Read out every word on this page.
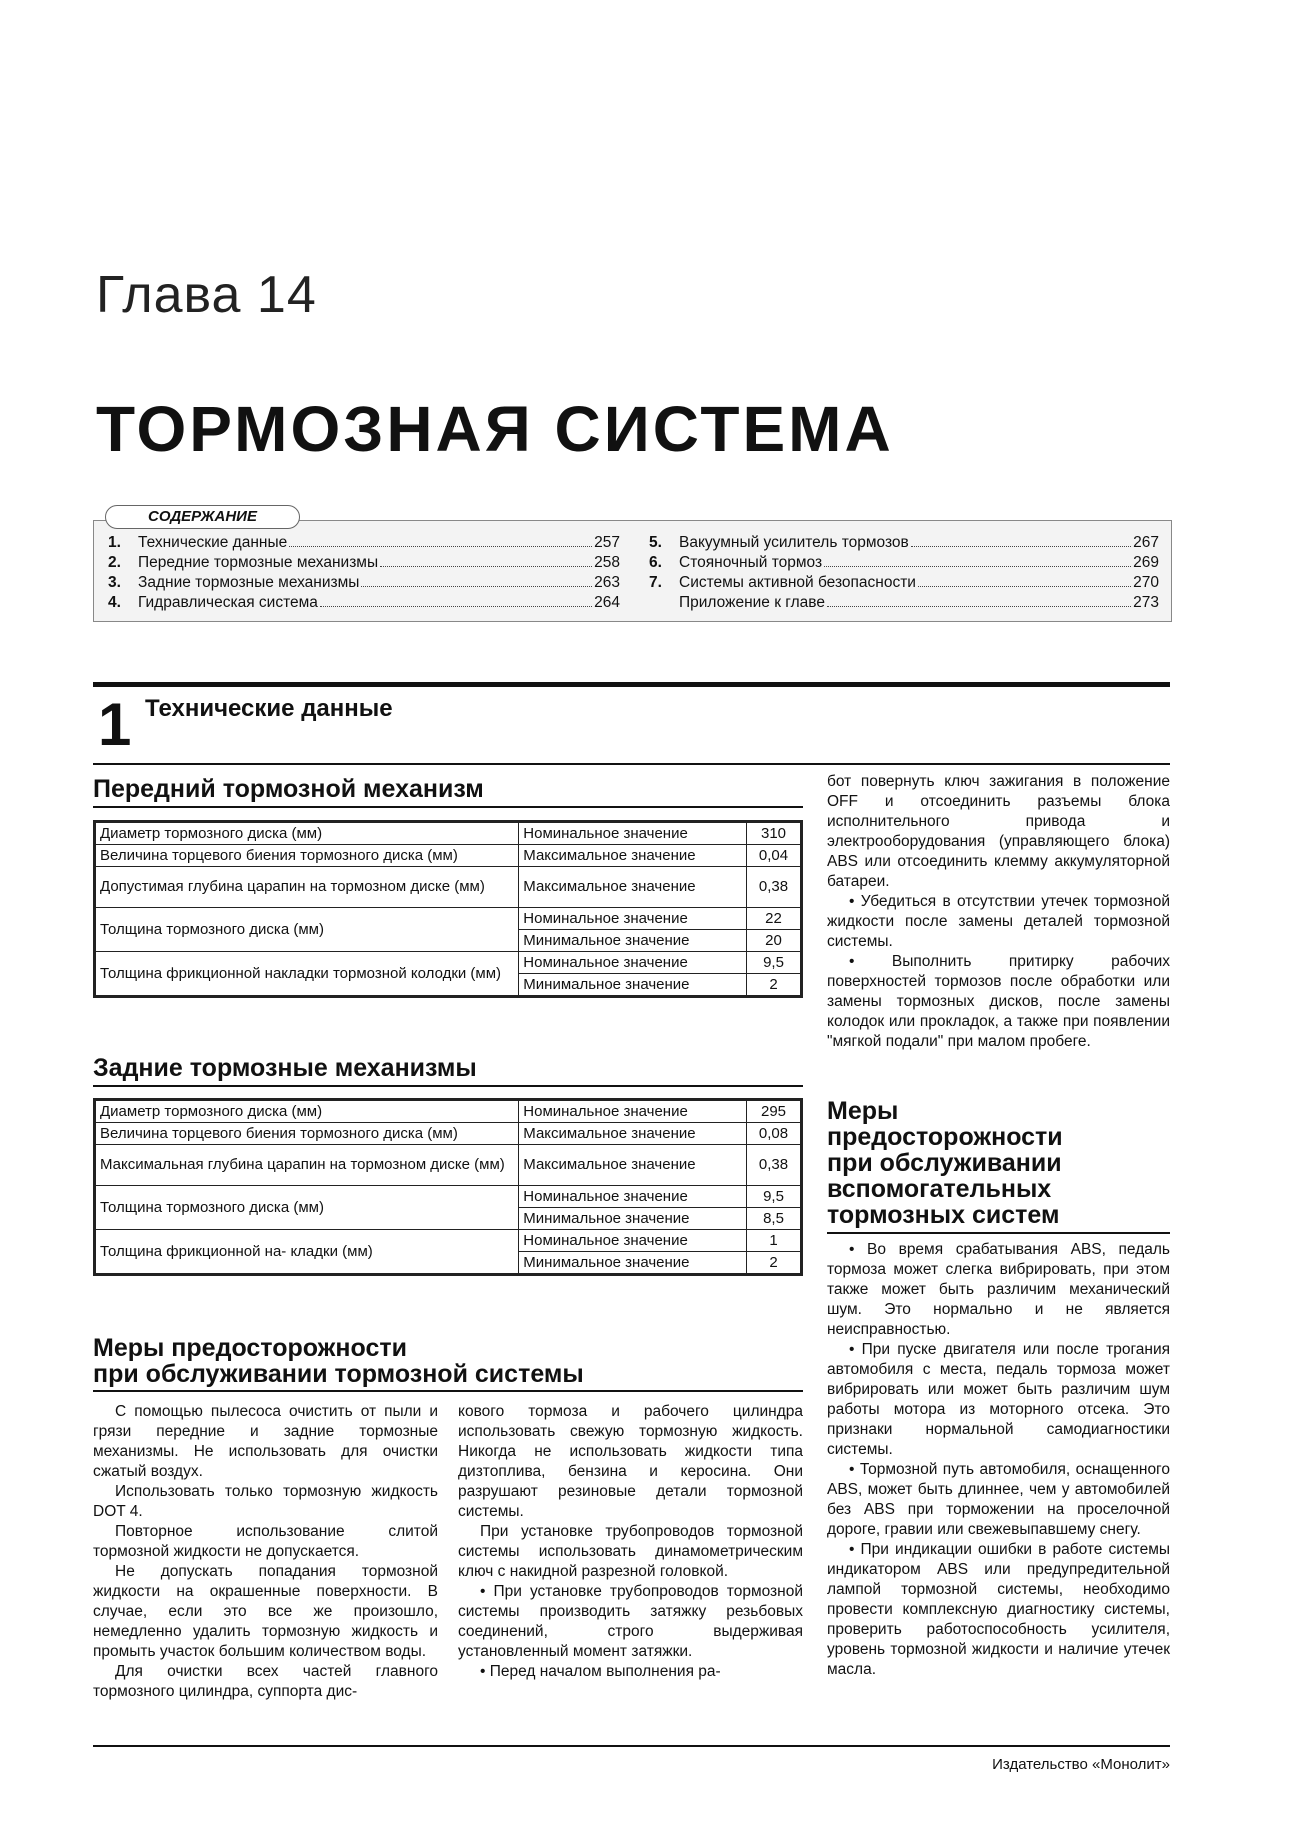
Глава 14
ТОРМОЗНАЯ СИСТЕМА
1.	Технические данные	257
2.	Передние тормозные механизмы	258
3.	Задние тормозные механизмы	263
4.	Гидравлическая система	264
5.	Вакуумный усилитель тормозов	267
6.	Стояночный тормоз	269
7.	Системы активной безопасности	270
Приложение к главе	273
СОДЕРЖАНИЕ
1 Технические данные
Передний тормозной механизм
Диаметр тормозного диска (мм)	Номинальное значение	310
Величина торцевого биения тормозного диска (мм)	Максимальное значение	0,04
Допустимая глубина царапин на тормозном диске (мм)	Максимальное значение	0,38
Толщина тормозного диска (мм)	Номинальное значение	22
	Минимальное значение	20
Толщина фрикционной накладки тормозной колодки (мм)	Номинальное значение	9,5
	Минимальное значение	2
Задние тормозные механизмы
Диаметр тормозного диска (мм)	Номинальное значение	295
Величина торцевого биения тормозного диска (мм)	Максимальное значение	0,08
Максимальная глубина царапин на тормозном диске (мм)	Максимальное значение	0,38
Толщина тормозного диска (мм)	Номинальное значение	9,5
	Минимальное значение	8,5
Толщина фрикционной на- кладки (мм)	Номинальное значение	1
	Минимальное значение	2
Меры предосторожности
при обслуживании тормозной системы

С помощью пылесоса очистить от пыли и грязи передние и задние тормозные механизмы. Не использовать для очистки сжатый воздух.

Использовать только тормозную жидкость DOT 4.

Повторное использование слитой тормозной жидкости не допускается.

Не допускать попадания тормозной жидкости на окрашенные поверхности. В случае, если это все же произошло, немедленно удалить тормозную жидкость и промыть участок большим количеством воды.

Для очистки всех частей главного тормозного цилиндра, суппорта дис-

кового тормоза и рабочего цилиндра использовать свежую тормозную жидкость. Никогда не использовать жидкости типа дизтоплива, бензина и керосина. Они разрушают резиновые детали тормозной системы.

При установке трубопроводов тормозной системы использовать динамометрическим ключ с накидной разрезной головкой.

• При установке трубопроводов тормозной системы производить затяжку резьбовых соединений, строго выдерживая установленный момент затяжки.

• Перед началом выполнения ра-

бот повернуть ключ зажигания в положение OFF и отсоединить разъемы блока исполнительного привода и электрооборудования (управляющего блока) ABS или отсоединить клемму аккумуляторной батареи.

• Убедиться в отсутствии утечек тормозной жидкости после замены деталей тормозной системы.

• Выполнить притирку рабочих поверхностей тормозов после обработки или замены тормозных дисков, после замены колодок или прокладок, а также при появлении "мягкой подали" при малом пробеге.

Меры
предосторожности
при обслуживании
вспомогательных
тормозных систем

• Во время срабатывания ABS, педаль тормоза может слегка вибрировать, при этом также может быть различим механический шум. Это нормально и не является неисправностью.

• При пуске двигателя или после трогания автомобиля с места, педаль тормоза может вибрировать или может быть различим шум работы мотора из моторного отсека. Это признаки нормальной самодиагностики системы.

• Тормозной путь автомобиля, оснащенного ABS, может быть длиннее, чем у автомобилей без ABS при торможении на проселочной дороге, гравии или свежевыпавшему снегу.

• При индикации ошибки в работе системы индикатором ABS или предупредительной лампой тормозной системы, необходимо провести комплексную диагностику системы, проверить работоспособность усилителя, уровень тормозной жидкости и наличие утечек масла.

Издательство «Монолит»
